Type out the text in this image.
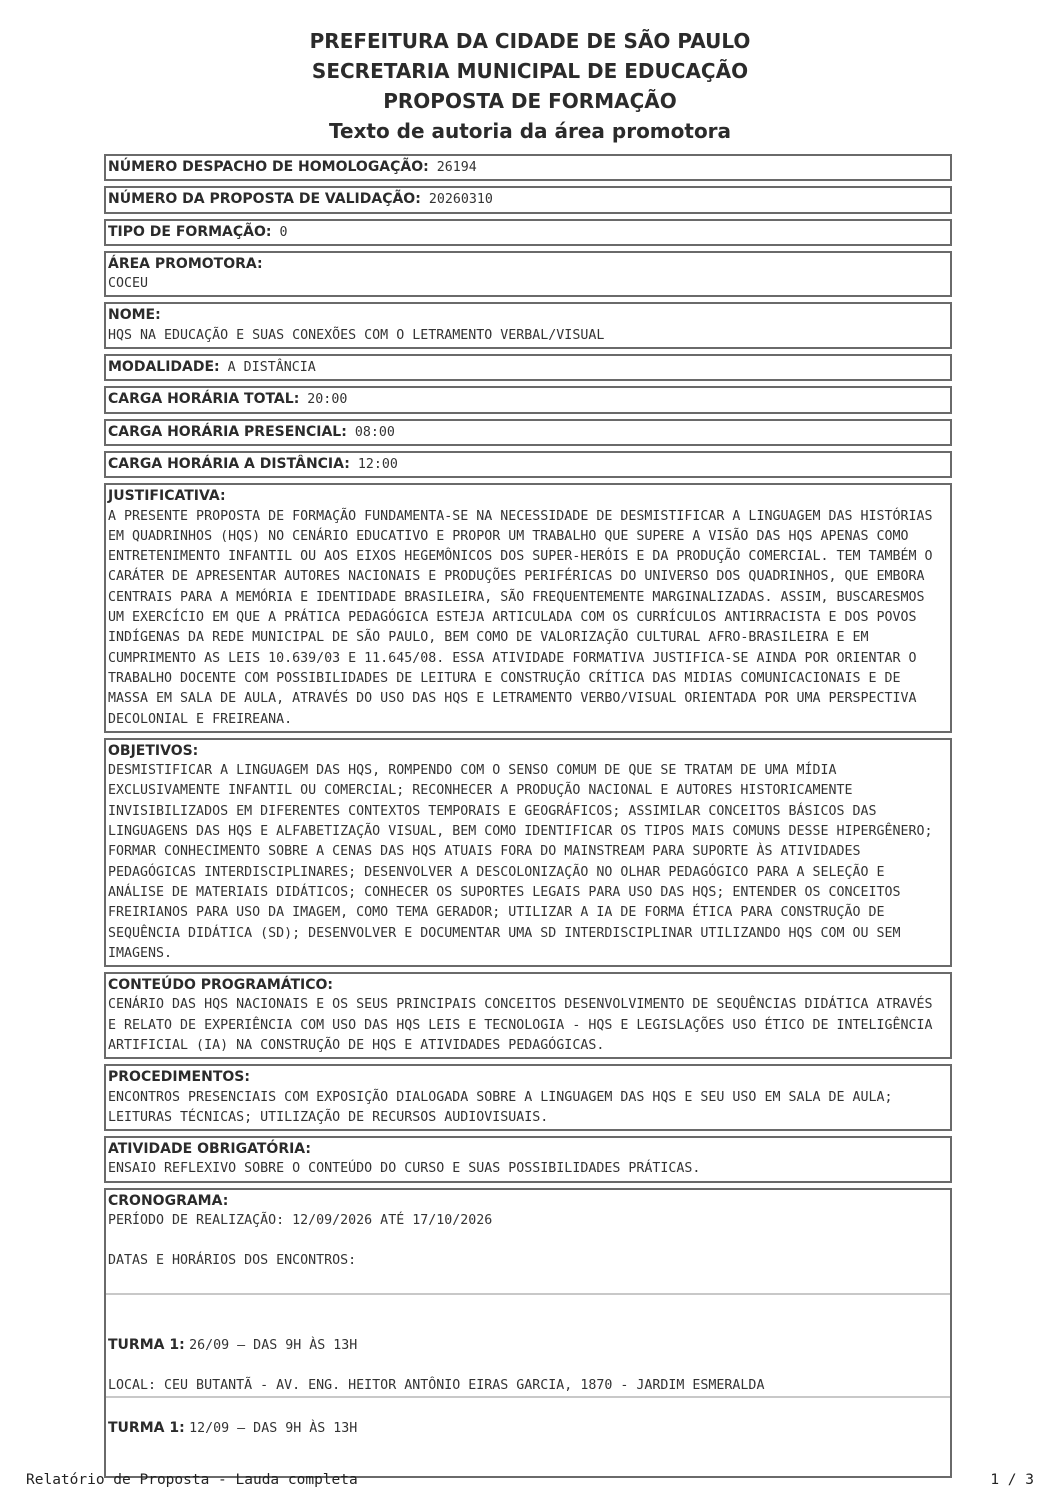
PREFEITURA DA CIDADE DE SÃO PAULO
SECRETARIA MUNICIPAL DE EDUCAÇÃO
PROPOSTA DE FORMAÇÃO
Texto de autoria da área promotora
NÚMERO DESPACHO DE HOMOLOGAÇÃO: 26194
NÚMERO DA PROPOSTA DE VALIDAÇÃO: 20260310
TIPO DE FORMAÇÃO: 0
ÁREA PROMOTORA:
COCEU
NOME:
HQS NA EDUCAÇÃO E SUAS CONEXÕES COM O LETRAMENTO VERBAL/VISUAL
MODALIDADE: A DISTÂNCIA
CARGA HORÁRIA TOTAL: 20:00
CARGA HORÁRIA PRESENCIAL: 08:00
CARGA HORÁRIA A DISTÂNCIA: 12:00
JUSTIFICATIVA:
A PRESENTE PROPOSTA DE FORMAÇÃO FUNDAMENTA-SE NA NECESSIDADE DE DESMISTIFICAR A LINGUAGEM DAS HISTÓRIAS EM QUADRINHOS (HQS) NO CENÁRIO EDUCATIVO E PROPOR UM TRABALHO QUE SUPERE A VISÃO DAS HQS APENAS COMO ENTRETENIMENTO INFANTIL OU AOS EIXOS HEGEMÔNICOS DOS SUPER-HERÓIS E DA PRODUÇÃO COMERCIAL. TEM TAMBÉM O CARÁTER DE APRESENTAR AUTORES NACIONAIS E PRODUÇÕES PERIFÉRICAS DO UNIVERSO DOS QUADRINHOS, QUE EMBORA CENTRAIS PARA A MEMÓRIA E IDENTIDADE BRASILEIRA, SÃO FREQUENTEMENTE MARGINALIZADAS. ASSIM, BUSCARESMOS UM EXERCÍCIO EM QUE A PRÁTICA PEDAGÓGICA ESTEJA ARTICULADA COM OS CURRÍCULOS ANTIRRACISTA E DOS POVOS INDÍGENAS DA REDE MUNICIPAL DE SÃO PAULO, BEM COMO DE VALORIZAÇÃO CULTURAL AFRO-BRASILEIRA E EM CUMPRIMENTO AS LEIS 10.639/03 E 11.645/08. ESSA ATIVIDADE FORMATIVA JUSTIFICA-SE AINDA POR ORIENTAR O TRABALHO DOCENTE COM POSSIBILIDADES DE LEITURA E CONSTRUÇÃO CRÍTICA DAS MIDIAS COMUNICACIONAIS E DE MASSA EM SALA DE AULA, ATRAVÉS DO USO DAS HQS E LETRAMENTO VERBO/VISUAL ORIENTADA POR UMA PERSPECTIVA DECOLONIAL E FREIREANA.
OBJETIVOS:
DESMISTIFICAR A LINGUAGEM DAS HQS, ROMPENDO COM O SENSO COMUM DE QUE SE TRATAM DE UMA MÍDIA EXCLUSIVAMENTE INFANTIL OU COMERCIAL; RECONHECER A PRODUÇÃO NACIONAL E AUTORES HISTORICAMENTE INVISIBILIZADOS EM DIFERENTES CONTEXTOS TEMPORAIS E GEOGRÁFICOS; ASSIMILAR CONCEITOS BÁSICOS DAS LINGUAGENS DAS HQS E ALFABETIZAÇÃO VISUAL, BEM COMO IDENTIFICAR OS TIPOS MAIS COMUNS DESSE HIPERGÊNERO; FORMAR CONHECIMENTO SOBRE A CENAS DAS HQS ATUAIS FORA DO MAINSTREAM PARA SUPORTE ÀS ATIVIDADES PEDAGÓGICAS INTERDISCIPLINARES; DESENVOLVER A DESCOLONIZAÇÃO NO OLHAR PEDAGÓGICO PARA A SELEÇÃO E ANÁLISE DE MATERIAIS DIDÁTICOS; CONHECER OS SUPORTES LEGAIS PARA USO DAS HQS; ENTENDER OS CONCEITOS FREIRIANOS PARA USO DA IMAGEM, COMO TEMA GERADOR; UTILIZAR A IA DE FORMA ÉTICA PARA CONSTRUÇÃO DE SEQUÊNCIA DIDÁTICA (SD); DESENVOLVER E DOCUMENTAR UMA SD INTERDISCIPLINAR UTILIZANDO HQS COM OU SEM IMAGENS.
CONTEÚDO PROGRAMÁTICO:
CENÁRIO DAS HQS NACIONAIS E OS SEUS PRINCIPAIS CONCEITOS DESENVOLVIMENTO DE SEQUÊNCIAS DIDÁTICA ATRAVÉS E RELATO DE EXPERIÊNCIA COM USO DAS HQS LEIS E TECNOLOGIA - HQS E LEGISLAÇÕES USO ÉTICO DE INTELIGÊNCIA ARTIFICIAL (IA) NA CONSTRUÇÃO DE HQS E ATIVIDADES PEDAGÓGICAS.
PROCEDIMENTOS:
ENCONTROS PRESENCIAIS COM EXPOSIÇÃO DIALOGADA SOBRE A LINGUAGEM DAS HQS E SEU USO EM SALA DE AULA; LEITURAS TÉCNICAS; UTILIZAÇÃO DE RECURSOS AUDIOVISUAIS.
ATIVIDADE OBRIGATÓRIA:
ENSAIO REFLEXIVO SOBRE O CONTEÚDO DO CURSO E SUAS POSSIBILIDADES PRÁTICAS.
CRONOGRAMA:
PERÍODO DE REALIZAÇÃO: 12/09/2026 ATÉ 17/10/2026
DATAS E HORÁRIOS DOS ENCONTROS:
TURMA 1: 26/09 – DAS 9H ÀS 13H
LOCAL: CEU BUTANTÃ - AV. ENG. HEITOR ANTÔNIO EIRAS GARCIA, 1870 - JARDIM ESMERALDA
TURMA 1: 12/09 – DAS 9H ÀS 13H
Relatório de Proposta - Lauda completa	1 / 3
